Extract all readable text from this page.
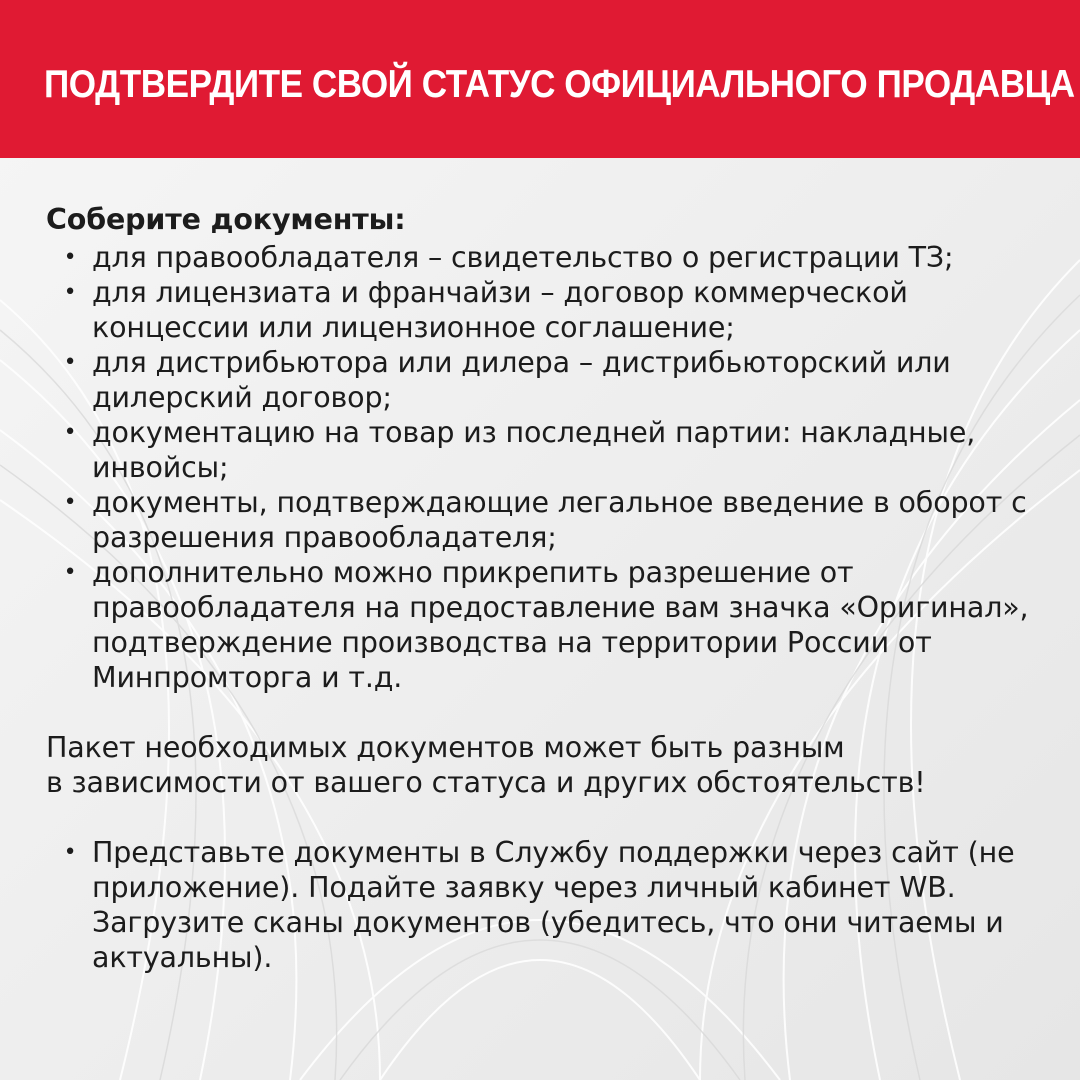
ПОДТВЕРДИТЕ СВОЙ СТАТУС ОФИЦИАЛЬНОГО ПРОДАВЦА
Соберите документы:
• для правообладателя – свидетельство о регистрации ТЗ;
• для лицензиата и франчайзи – договор коммерческой концессии или лицензионное соглашение;
• для дистрибьютора или дилера – дистрибьюторский или дилерский договор;
• документацию на товар из последней партии: накладные, инвойсы;
• документы, подтверждающие легальное введение в оборот с разрешения правообладателя;
• дополнительно можно прикрепить разрешение от правообладателя на предоставление вам значка «Оригинал», подтверждение производства на территории России от Минпромторга и т.д.

Пакет необходимых документов может быть разным
в зависимости от вашего статуса и других обстоятельств!

• Представьте документы в Службу поддержки через сайт (не приложение). Подайте заявку через личный кабинет WB. Загрузите сканы документов (убедитесь, что они читаемы и актуальны).
